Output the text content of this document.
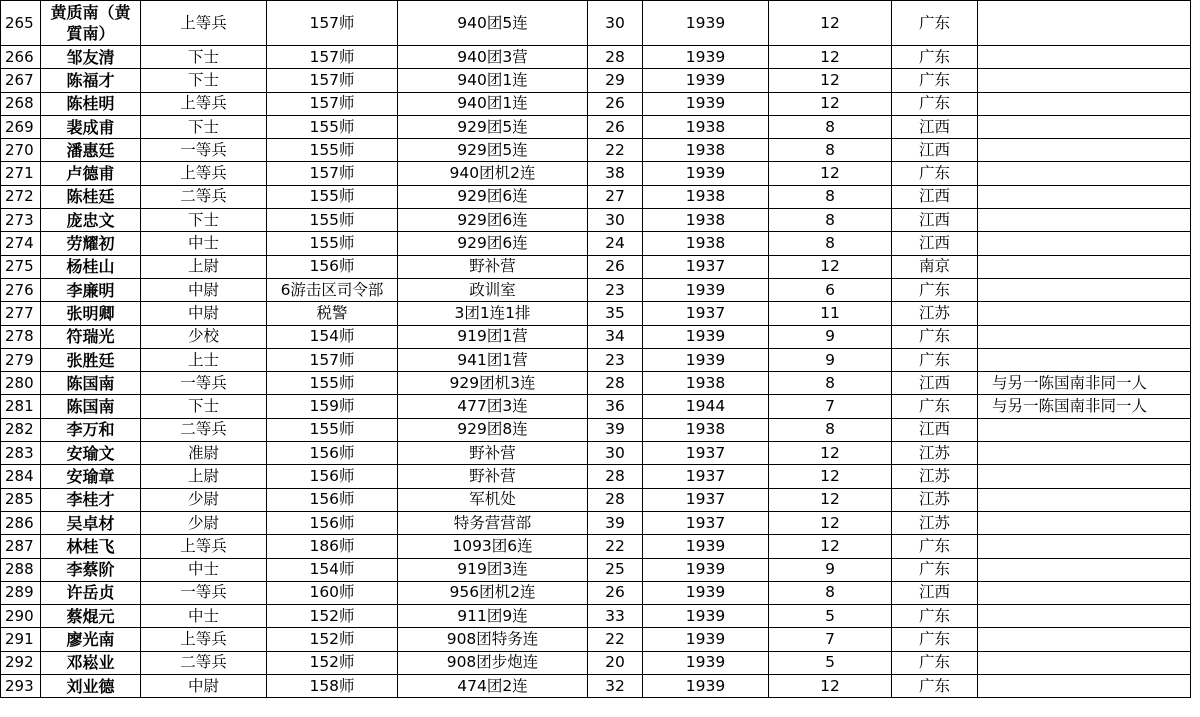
265	黄质南（黄質南）	上等兵	157师	940团5连	30	1939	12	广东	
266	邹友清	下士	157师	940团3营	28	1939	12	广东	
267	陈福才	下士	157师	940团1连	29	1939	12	广东	
268	陈桂明	上等兵	157师	940团1连	26	1939	12	广东	
269	裴成甫	下士	155师	929团5连	26	1938	8	江西	
270	潘惠廷	一等兵	155师	929团5连	22	1938	8	江西	
271	卢德甫	上等兵	157师	940团机2连	38	1939	12	广东	
272	陈桂廷	二等兵	155师	929团6连	27	1938	8	江西	
273	庞忠文	下士	155师	929团6连	30	1938	8	江西	
274	劳耀初	中士	155师	929团6连	24	1938	8	江西	
275	杨桂山	上尉	156师	野补营	26	1937	12	南京	
276	李廉明	中尉	6游击区司令部	政训室	23	1939	6	广东	
277	张明卿	中尉	税警	3团1连1排	35	1937	11	江苏	
278	符瑞光	少校	154师	919团1营	34	1939	9	广东	
279	张胜廷	上士	157师	941团1营	23	1939	9	广东	
280	陈国南	一等兵	155师	929团机3连	28	1938	8	江西	与另一陈国南非同一人
281	陈国南	下士	159师	477团3连	36	1944	7	广东	与另一陈国南非同一人
282	李万和	二等兵	155师	929团8连	39	1938	8	江西	
283	安瑜文	准尉	156师	野补营	30	1937	12	江苏	
284	安瑜章	上尉	156师	野补营	28	1937	12	江苏	
285	李桂才	少尉	156师	军机处	28	1937	12	江苏	
286	吴卓材	少尉	156师	特务营营部	39	1937	12	江苏	
287	林桂飞	上等兵	186师	1093团6连	22	1939	12	广东	
288	李蔡阶	中士	154师	919团3连	25	1939	9	广东	
289	许岳贞	一等兵	160师	956团机2连	26	1939	8	江西	
290	蔡焜元	中士	152师	911团9连	33	1939	5	广东	
291	廖光南	上等兵	152师	908团特务连	22	1939	7	广东	
292	邓崧业	二等兵	152师	908团步炮连	20	1939	5	广东	
293	刘业德	中尉	158师	474团2连	32	1939	12	广东	
